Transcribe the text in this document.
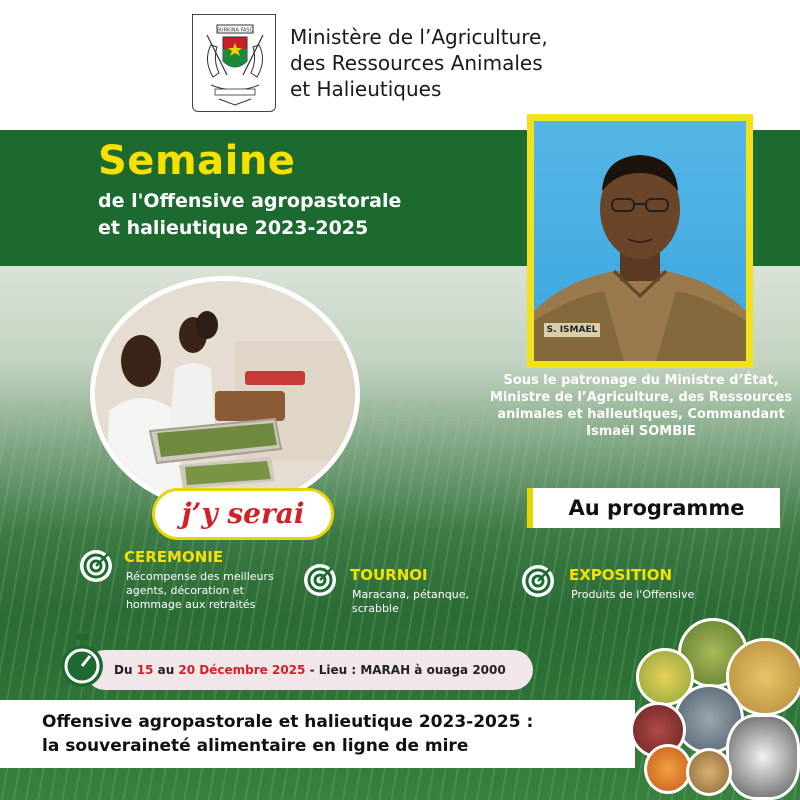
BURKINA FASO Ministère de l’Agriculture,
des Ressources Animales
et Halieutiques
Semaine
de l'Offensive agropastorale
et halieutique 2023-2025
S. ISMAEL
Sous le patronage du Ministre d’État,
Ministre de l’Agriculture, des Ressources
animales et halieutiques, Commandant
Ismaël SOMBIE
j’y serai	Au programme
CEREMONIE
Récompense des meilleurs
agents, décoration et
hommage aux retraités
TOURNOI
Maracana, pétanque,
scrabble
EXPOSITION
Produits de l'Offensive
Du 15 au 20 Décembre 2025 - Lieu : MARAH à ouaga 2000
Offensive agropastorale et halieutique 2023-2025 :
la souveraineté alimentaire en ligne de mire
